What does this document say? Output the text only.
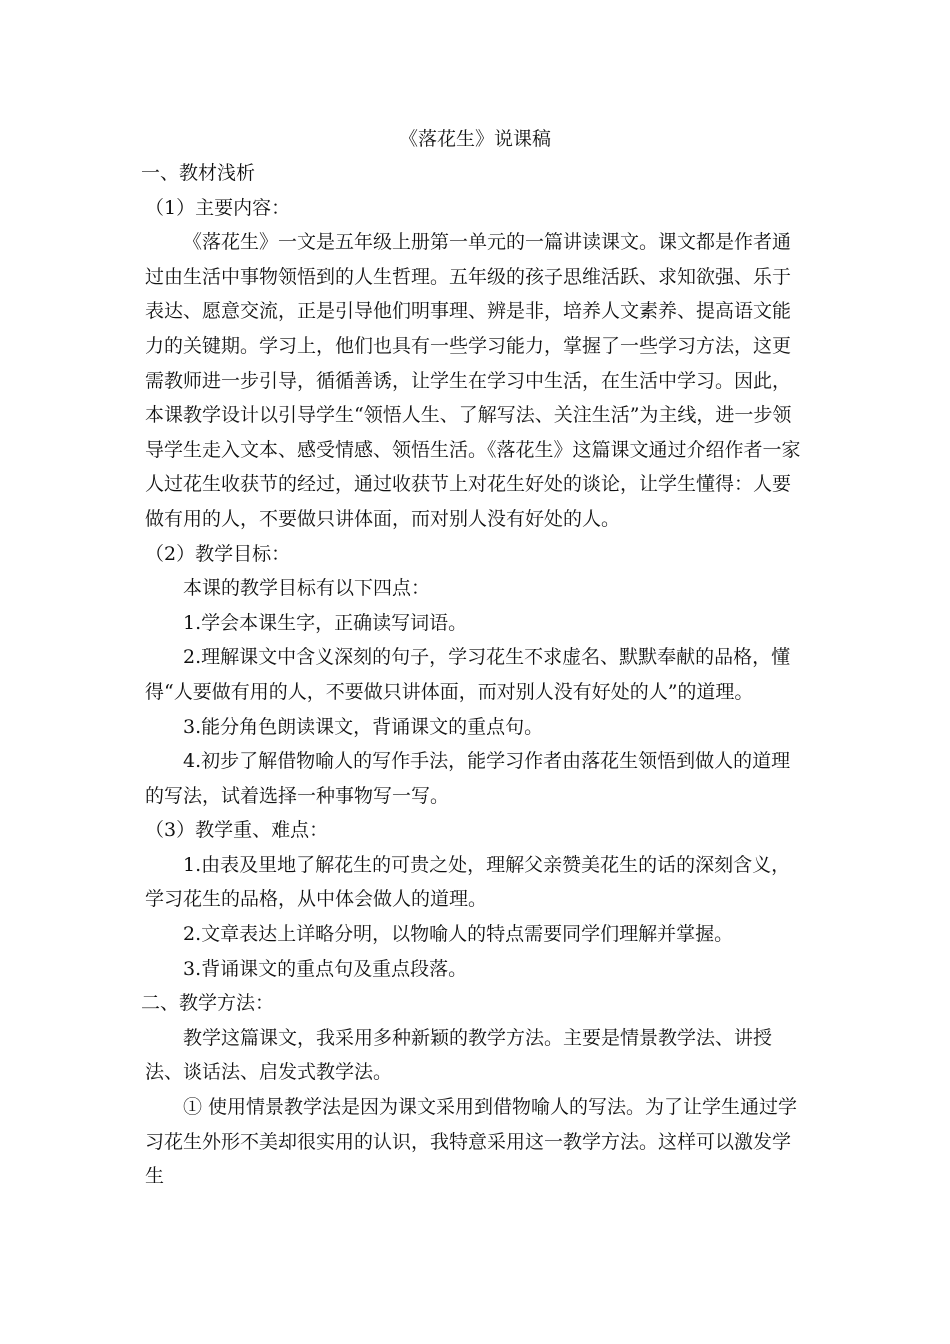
《落花生》说课稿

一、教材浅析

（1）主要内容：

《落花生》一文是五年级上册第一单元的一篇讲读课文。课文都是作者通过由生活中事物领悟到的人生哲理。五年级的孩子思维活跃、求知欲强、乐于表达、愿意交流，正是引导他们明事理、辨是非，培养人文素养、提高语文能力的关键期。学习上，他们也具有一些学习能力，掌握了一些学习方法，这更需教师进一步引导，循循善诱，让学生在学习中生活，在生活中学习。因此，本课教学设计以引导学生“领悟人生、了解写法、关注生活”为主线，进一步领导学生走入文本、感受情感、领悟生活。《落花生》这篇课文通过介绍作者一家人过花生收获节的经过，通过收获节上对花生好处的谈论，让学生懂得：人要做有用的人，不要做只讲体面，而对别人没有好处的人。

（2）教学目标：

本课的教学目标有以下四点：

1.学会本课生字，正确读写词语。

2.理解课文中含义深刻的句子，学习花生不求虚名、默默奉献的品格，懂得“人要做有用的人，不要做只讲体面，而对别人没有好处的人”的道理。

3.能分角色朗读课文，背诵课文的重点句。

4.初步了解借物喻人的写作手法，能学习作者由落花生领悟到做人的道理的写法，试着选择一种事物写一写。

（3）教学重、难点：

1.由表及里地了解花生的可贵之处，理解父亲赞美花生的话的深刻含义，学习花生的品格，从中体会做人的道理。

2.文章表达上详略分明，以物喻人的特点需要同学们理解并掌握。

3.背诵课文的重点句及重点段落。

二、教学方法：

教学这篇课文，我采用多种新颖的教学方法。主要是情景教学法、讲授法、谈话法、启发式教学法。

① 使用情景教学法是因为课文采用到借物喻人的写法。为了让学生通过学习花生外形不美却很实用的认识，我特意采用这一教学方法。这样可以激发学生
